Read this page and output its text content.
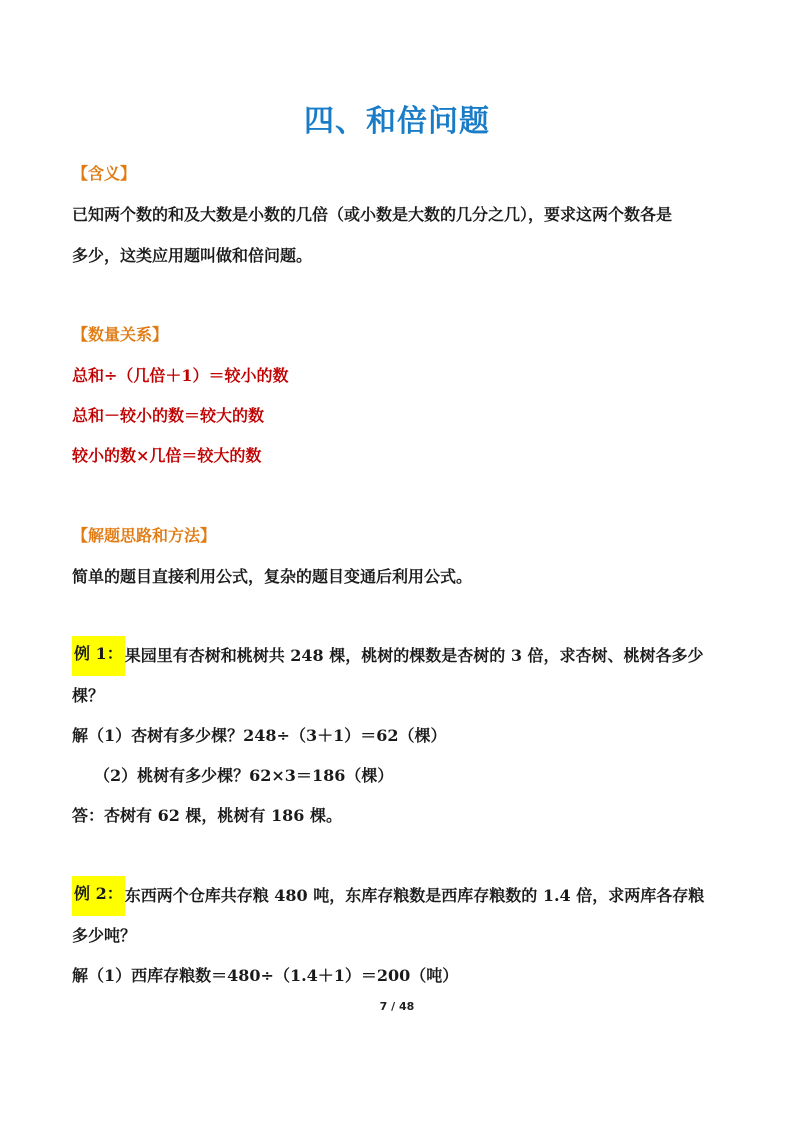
四、和倍问题
【含义】
已知两个数的和及大数是小数的几倍（或小数是大数的几分之几），要求这两个数各是
多少，这类应用题叫做和倍问题。
【数量关系】
总和÷（几倍＋1）＝较小的数
总和－较小的数＝较大的数
较小的数×几倍＝较大的数
【解题思路和方法】
简单的题目直接利用公式，复杂的题目变通后利用公式。
例 1： 果园里有杏树和桃树共 248 棵，桃树的棵数是杏树的 3 倍，求杏树、桃树各多少
棵？
解（1）杏树有多少棵？248÷（3＋1）＝62（棵）
（2）桃树有多少棵？62×3＝186（棵）
答：杏树有 62 棵，桃树有 186 棵。
例 2： 东西两个仓库共存粮 480 吨，东库存粮数是西库存粮数的 1.4 倍，求两库各存粮
多少吨？
解（1）西库存粮数＝480÷（1.4＋1）＝200（吨）
7 / 48
